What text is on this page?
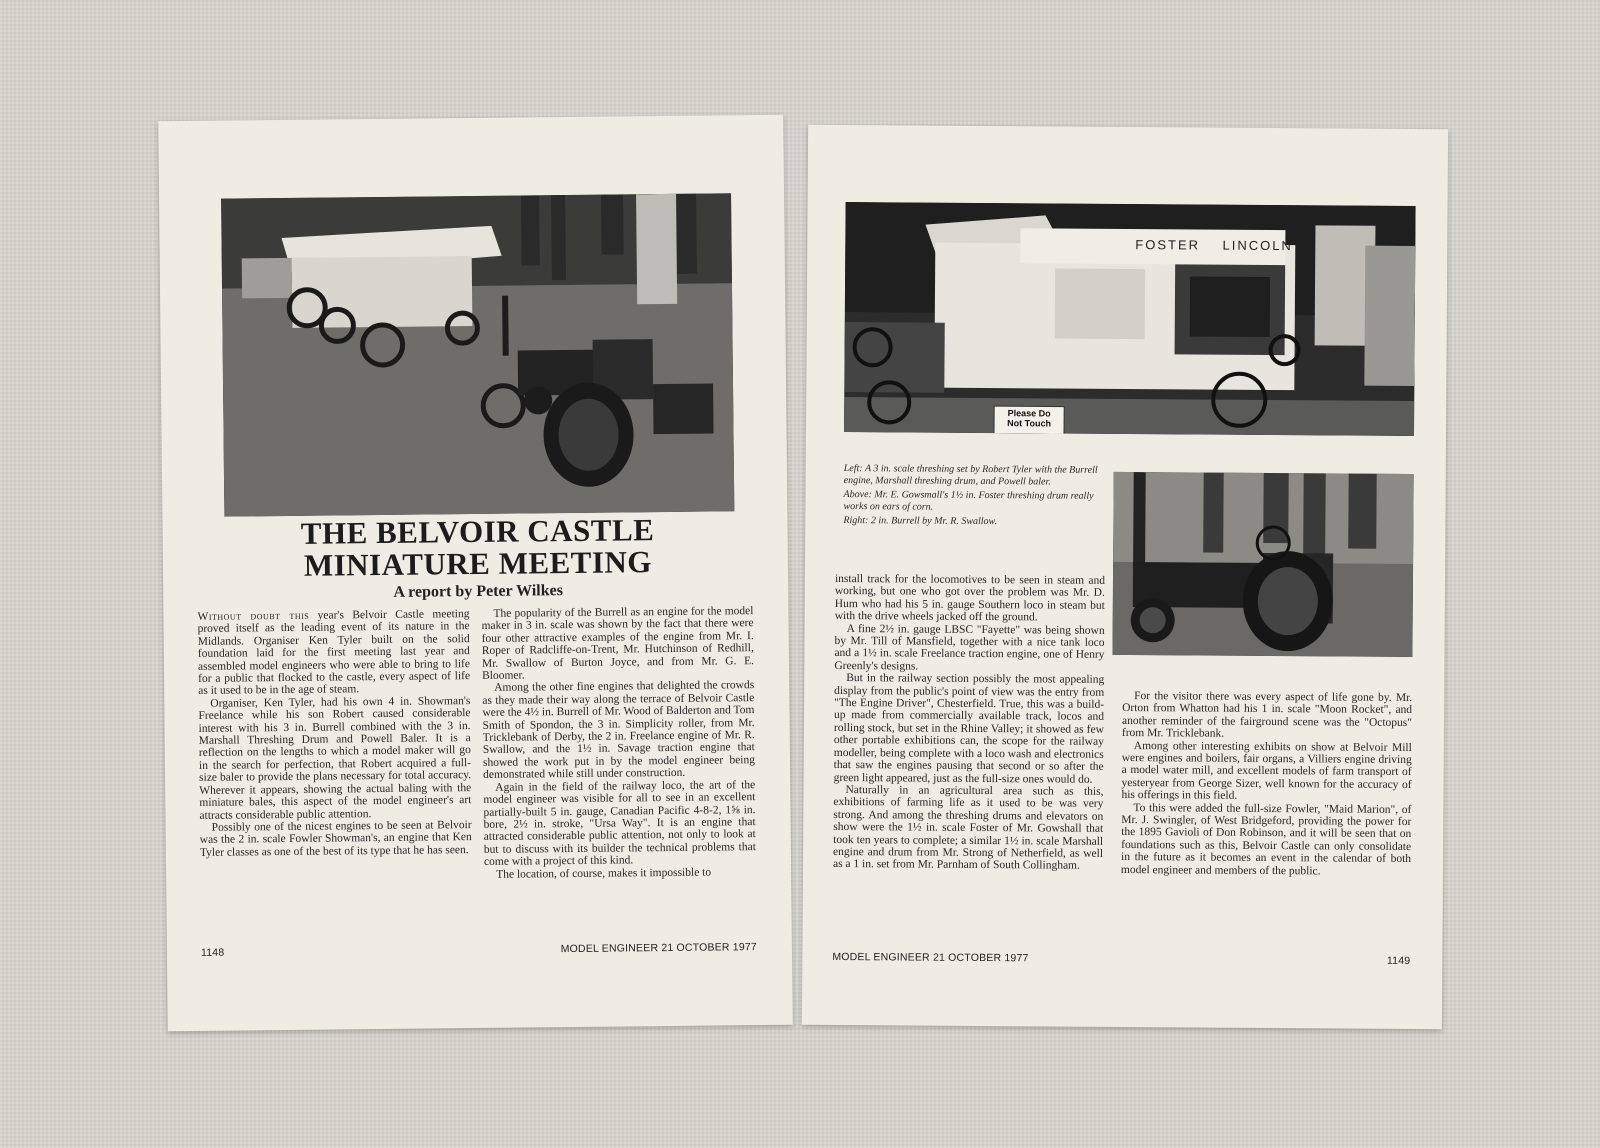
THE BELVOIR CASTLE
MINIATURE MEETING
A report by Peter Wilkes

Without doubt this year's Belvoir Castle meeting proved itself as the leading event of its nature in the Midlands. Organiser Ken Tyler built on the solid foundation laid for the first meeting last year and assembled model engineers who were able to bring to life for a public that flocked to the castle, every aspect of life as it used to be in the age of steam.

Organiser, Ken Tyler, had his own 4 in. Showman's Freelance while his son Robert caused considerable interest with his 3 in. Burrell combined with the 3 in. Marshall Threshing Drum and Powell Baler. It is a reflection on the lengths to which a model maker will go in the search for perfection, that Robert acquired a full-size baler to provide the plans necessary for total accuracy. Wherever it appears, showing the actual baling with the miniature bales, this aspect of the model engineer's art attracts considerable public attention.

Possibly one of the nicest engines to be seen at Belvoir was the 2 in. scale Fowler Showman's, an engine that Ken Tyler classes as one of the best of its type that he has seen.

The popularity of the Burrell as an engine for the model maker in 3 in. scale was shown by the fact that there were four other attractive examples of the engine from Mr. I. Roper of Radcliffe-on-Trent, Mr. Hutchinson of Redhill, Mr. Swallow of Burton Joyce, and from Mr. G. E. Bloomer.

Among the other fine engines that delighted the crowds as they made their way along the terrace of Belvoir Castle were the 4½ in. Burrell of Mr. Wood of Balderton and Tom Smith of Spondon, the 3 in. Simplicity roller, from Mr. Tricklebank of Derby, the 2 in. Freelance engine of Mr. R. Swallow, and the 1½ in. Savage traction engine that showed the work put in by the model engineer being demonstrated while still under construction.

Again in the field of the railway loco, the art of the model engineer was visible for all to see in an excellent partially-built 5 in. gauge, Canadian Pacific 4-8-2, 1⅝ in. bore, 2½ in. stroke, "Ursa Way". It is an engine that attracted considerable public attention, not only to look at but to discuss with its builder the technical problems that come with a project of this kind.

The location, of course, makes it impossible to

1148	MODEL ENGINEER 21 OCTOBER 1977
FOSTER LINCOLN
Please Do
Not Touch
Left: A 3 in. scale threshing set by Robert Tyler with the Burrell engine, Marshall threshing drum, and Powell baler.
Above: Mr. E. Gowsmall's 1½ in. Foster threshing drum really works on ears of corn.
Right: 2 in. Burrell by Mr. R. Swallow.

install track for the locomotives to be seen in steam and working, but one who got over the problem was Mr. D. Hum who had his 5 in. gauge Southern loco in steam but with the drive wheels jacked off the ground.

A fine 2½ in. gauge LBSC "Fayette" was being shown by Mr. Till of Mansfield, together with a nice tank loco and a 1½ in. scale Freelance traction engine, one of Henry Greenly's designs.

But in the railway section possibly the most appealing display from the public's point of view was the entry from "The Engine Driver", Chesterfield. True, this was a build-up made from commercially available track, locos and rolling stock, but set in the Rhine Valley; it showed as few other portable exhibitions can, the scope for the railway modeller, being complete with a loco wash and electronics that saw the engines pausing that second or so after the green light appeared, just as the full-size ones would do.

Naturally in an agricultural area such as this, exhibitions of farming life as it used to be was very strong. And among the threshing drums and elevators on show were the 1½ in. scale Foster of Mr. Gowshall that took ten years to complete; a similar 1½ in. scale Marshall engine and drum from Mr. Strong of Netherfield, as well as a 1 in. set from Mr. Parnham of South Collingham.

For the visitor there was every aspect of life gone by. Mr. Orton from Whatton had his 1 in. scale "Moon Rocket", and another reminder of the fairground scene was the "Octopus" from Mr. Tricklebank.

Among other interesting exhibits on show at Belvoir Mill were engines and boilers, fair organs, a Villiers engine driving a model water mill, and excellent models of farm transport of yesteryear from George Sizer, well known for the accuracy of his offerings in this field.

To this were added the full-size Fowler, "Maid Marion", of Mr. J. Swingler, of West Bridgeford, providing the power for the 1895 Gavioli of Don Robinson, and it will be seen that on foundations such as this, Belvoir Castle can only consolidate in the future as it becomes an event in the calendar of both model engineer and members of the public.

MODEL ENGINEER 21 OCTOBER 1977	1149
